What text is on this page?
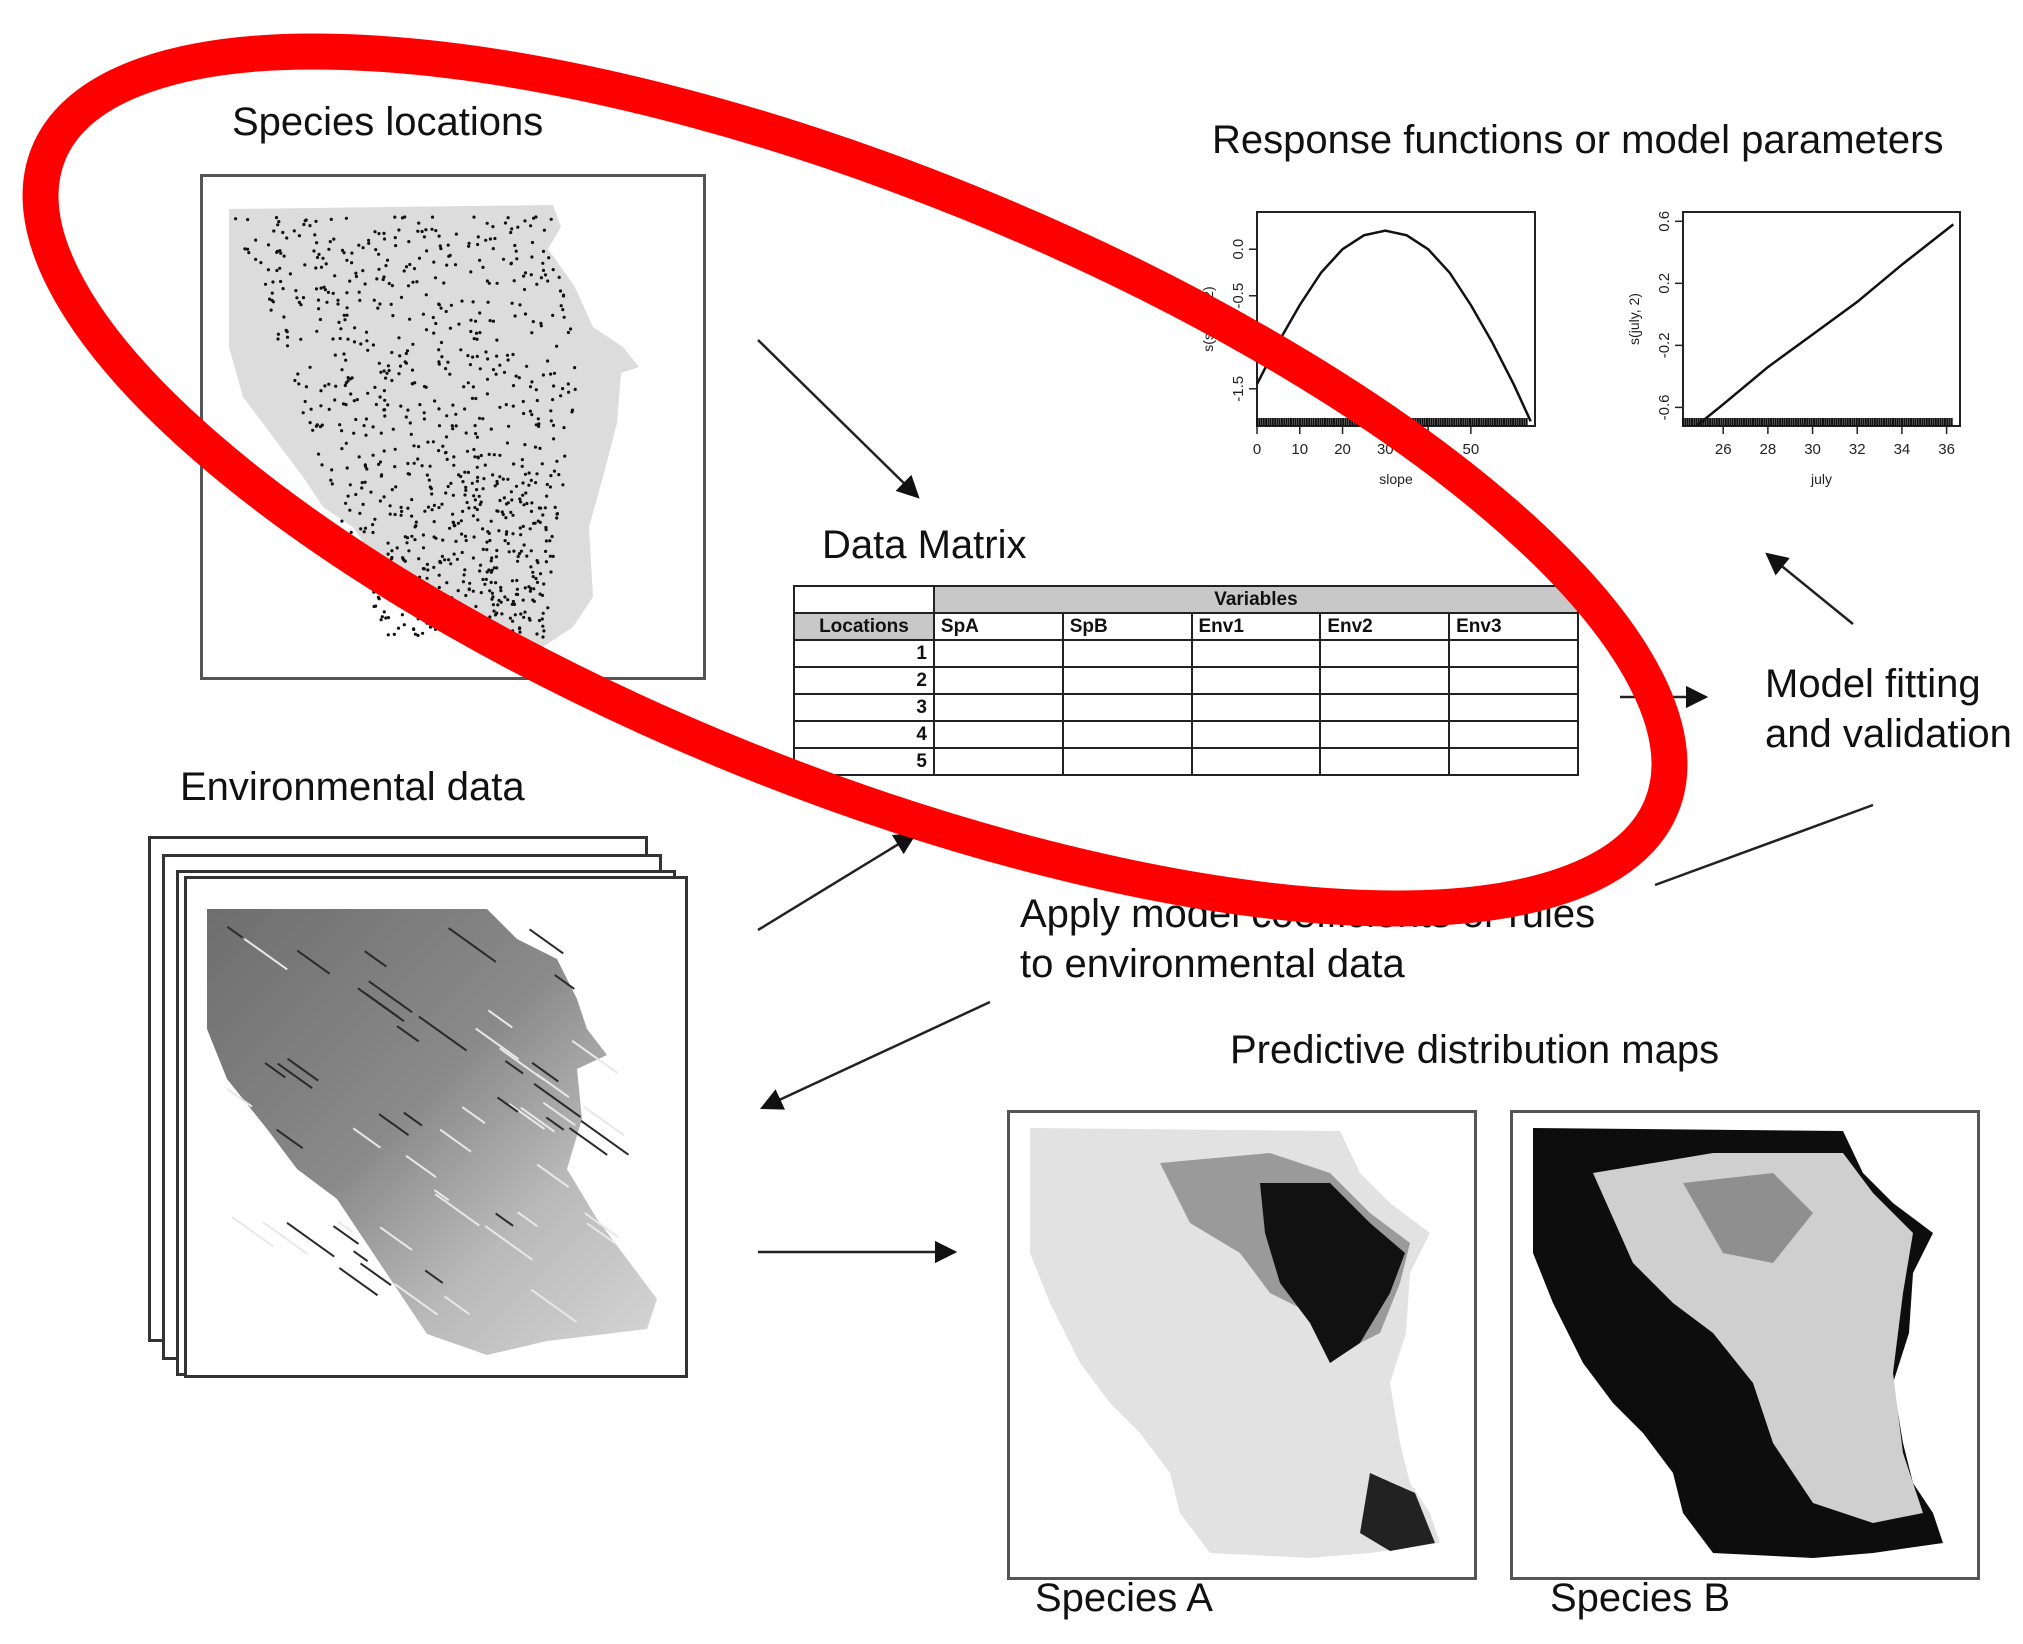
Species locations
Data Matrix
	Variables				
Locations	SpA	SpB	Env1	Env2	Env3
1					
2					
3					
4					
5					
Response functions or model parameters
0 10 20 30 40 50
-1.5
-0.5
0.0
slope
s(slope, 2)
26 28 30 32 34 36
-0.6
-0.2
0.2
0.6
july
s(july, 2)
Model fitting
and validation
Environmental data
Apply model coefficients or rules
to environmental data
Predictive distribution maps
Species A	Species B
